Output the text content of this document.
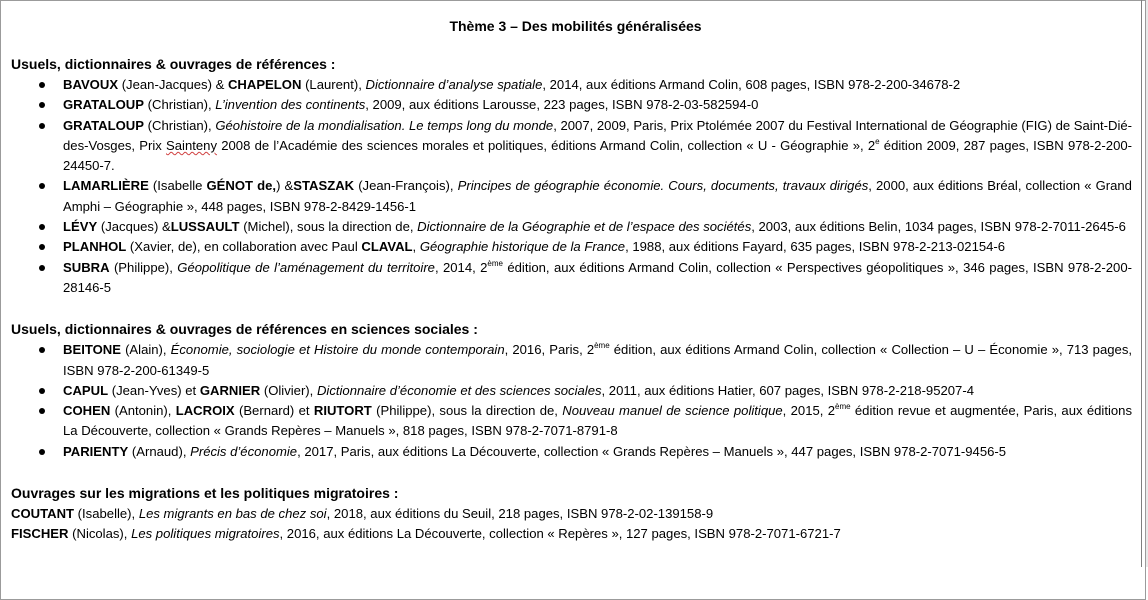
Thème 3 – Des mobilités généralisées
Usuels, dictionnaires & ouvrages de références :
BAVOUX (Jean-Jacques) & CHAPELON (Laurent), Dictionnaire d’analyse spatiale, 2014, aux éditions Armand Colin, 608 pages, ISBN 978-2-200-34678-2
GRATALOUP (Christian), L’invention des continents, 2009, aux éditions Larousse, 223 pages, ISBN 978-2-03-582594-0
GRATALOUP (Christian), Géohistoire de la mondialisation. Le temps long du monde, 2007, 2009, Paris, Prix Ptolémée 2007 du Festival International de Géographie (FIG) de Saint-Dié-des-Vosges, Prix Sainteny 2008 de l’Académie des sciences morales et politiques, éditions Armand Colin, collection « U - Géographie », 2e édition 2009, 287 pages, ISBN 978-2-200-24450-7.
LAMARLIÈRE (Isabelle GÉNOT de,) &STASZAK (Jean-François), Principes de géographie économie. Cours, documents, travaux dirigés, 2000, aux éditions Bréal, collection « Grand Amphi – Géographie », 448 pages, ISBN 978-2-8429-1456-1
LÉVY (Jacques) &LUSSAULT (Michel), sous la direction de, Dictionnaire de la Géographie et de l’espace des sociétés, 2003, aux éditions Belin, 1034 pages, ISBN 978-2-7011-2645-6
PLANHOL (Xavier, de), en collaboration avec Paul CLAVAL, Géographie historique de la France, 1988, aux éditions Fayard, 635 pages, ISBN 978-2-213-02154-6
SUBRA (Philippe), Géopolitique de l’aménagement du territoire, 2014, 2ème édition, aux éditions Armand Colin, collection « Perspectives géopolitiques », 346 pages, ISBN 978-2-200-28146-5
Usuels, dictionnaires & ouvrages de références en sciences sociales :
BEITONE (Alain), Économie, sociologie et Histoire du monde contemporain, 2016, Paris, 2ème édition, aux éditions Armand Colin, collection « Collection – U – Économie », 713 pages, ISBN 978-2-200-61349-5
CAPUL (Jean-Yves) et GARNIER (Olivier), Dictionnaire d’économie et des sciences sociales, 2011, aux éditions Hatier, 607 pages, ISBN 978-2-218-95207-4
COHEN (Antonin), LACROIX (Bernard) et RIUTORT (Philippe), sous la direction de, Nouveau manuel de science politique, 2015, 2ème édition revue et augmentée, Paris, aux éditions La Découverte, collection « Grands Repères – Manuels », 818 pages, ISBN 978-2-7071-8791-8
PARIENTY (Arnaud), Précis d’économie, 2017, Paris, aux éditions La Découverte, collection « Grands Repères – Manuels », 447 pages, ISBN 978-2-7071-9456-5
Ouvrages sur les migrations et les politiques migratoires :
COUTANT (Isabelle), Les migrants en bas de chez soi, 2018, aux éditions du Seuil, 218 pages, ISBN 978-2-02-139158-9
FISCHER (Nicolas), Les politiques migratoires, 2016, aux éditions La Découverte, collection « Repères », 127 pages, ISBN 978-2-7071-6721-7
